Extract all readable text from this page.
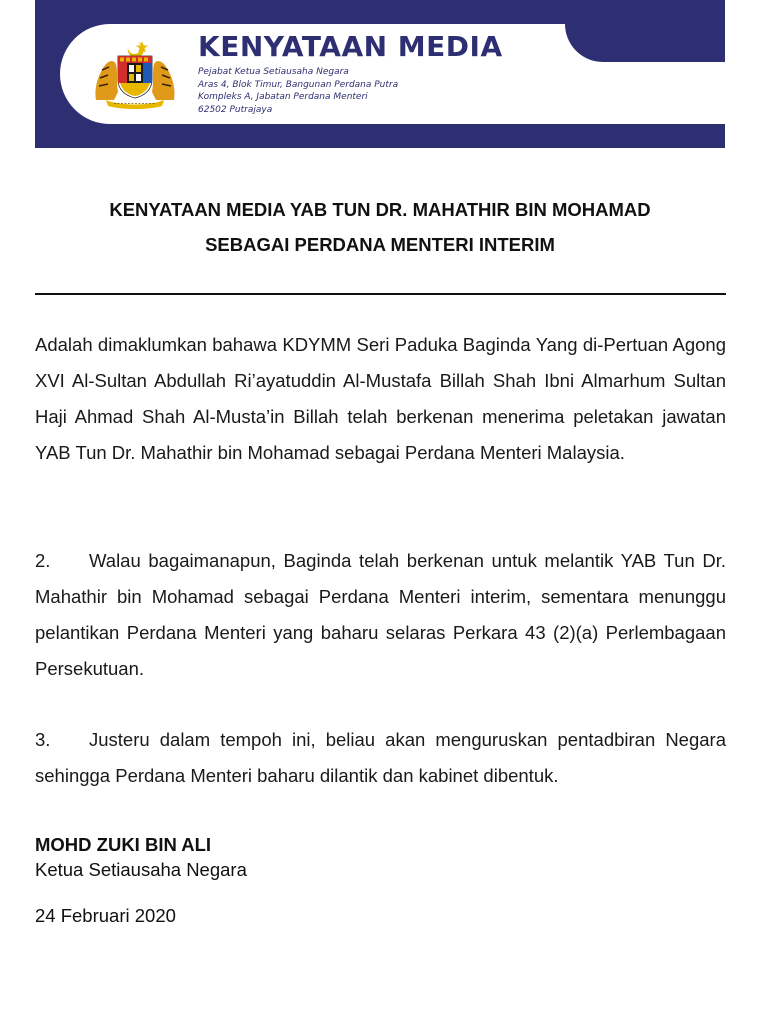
KENYATAAN MEDIA
Pejabat Ketua Setiausaha Negara
Aras 4, Blok Timur, Bangunan Perdana Putra
Kompleks A, Jabatan Perdana Menteri
62502 Putrajaya
KENYATAAN MEDIA YAB TUN DR. MAHATHIR BIN MOHAMAD
SEBAGAI PERDANA MENTERI INTERIM
Adalah dimaklumkan bahawa KDYMM Seri Paduka Baginda Yang di-Pertuan Agong XVI Al-Sultan Abdullah Ri’ayatuddin Al-Mustafa Billah Shah Ibni Almarhum Sultan Haji Ahmad Shah Al-Musta’in Billah telah berkenan menerima peletakan jawatan YAB Tun Dr. Mahathir bin Mohamad sebagai Perdana Menteri Malaysia.
2. Walau bagaimanapun, Baginda telah berkenan untuk melantik YAB Tun Dr. Mahathir bin Mohamad sebagai Perdana Menteri interim, sementara menunggu pelantikan Perdana Menteri yang baharu selaras Perkara 43 (2)(a) Perlembagaan Persekutuan.
3. Justeru dalam tempoh ini, beliau akan menguruskan pentadbiran Negara sehingga Perdana Menteri baharu dilantik dan kabinet dibentuk.
MOHD ZUKI BIN ALI
Ketua Setiausaha Negara
24 Februari 2020
